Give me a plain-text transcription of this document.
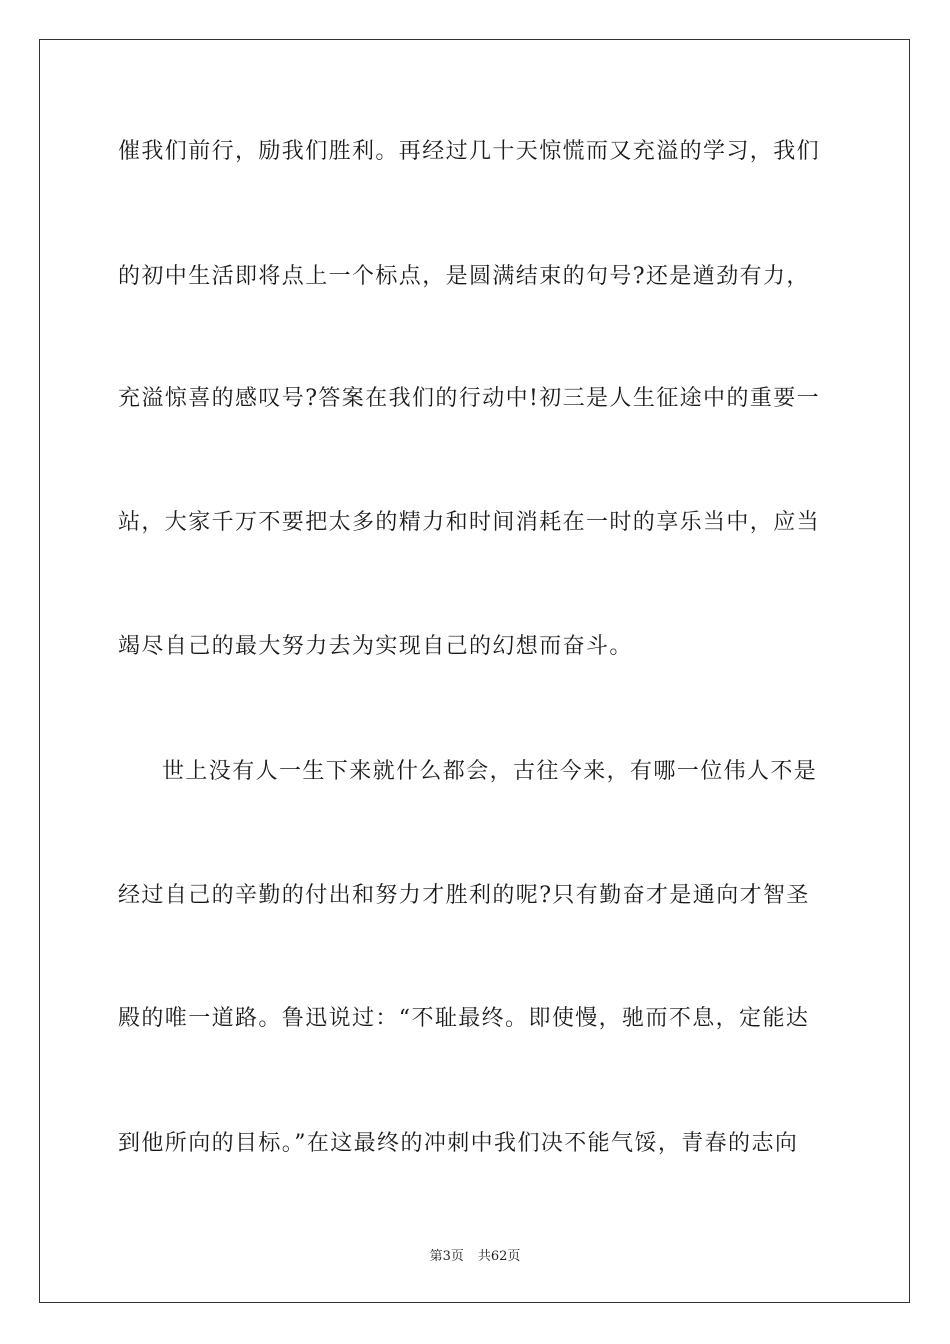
催我们前行，励我们胜利。再经过几十天惊慌而又充溢的学习，我们
的初中生活即将点上一个标点，是圆满结束的句号?还是遒劲有力，
充溢惊喜的感叹号?答案在我们的行动中!初三是人生征途中的重要一
站，大家千万不要把太多的精力和时间消耗在一时的享乐当中，应当
竭尽自己的最大努力去为实现自己的幻想而奋斗。
世上没有人一生下来就什么都会，古往今来，有哪一位伟人不是
经过自己的辛勤的付出和努力才胜利的呢?只有勤奋才是通向才智圣
殿的唯一道路。鲁迅说过：“不耻最终。即使慢，驰而不息，定能达
到他所向的目标。”在这最终的冲刺中我们决不能气馁，青春的志向
第3页 共62页
